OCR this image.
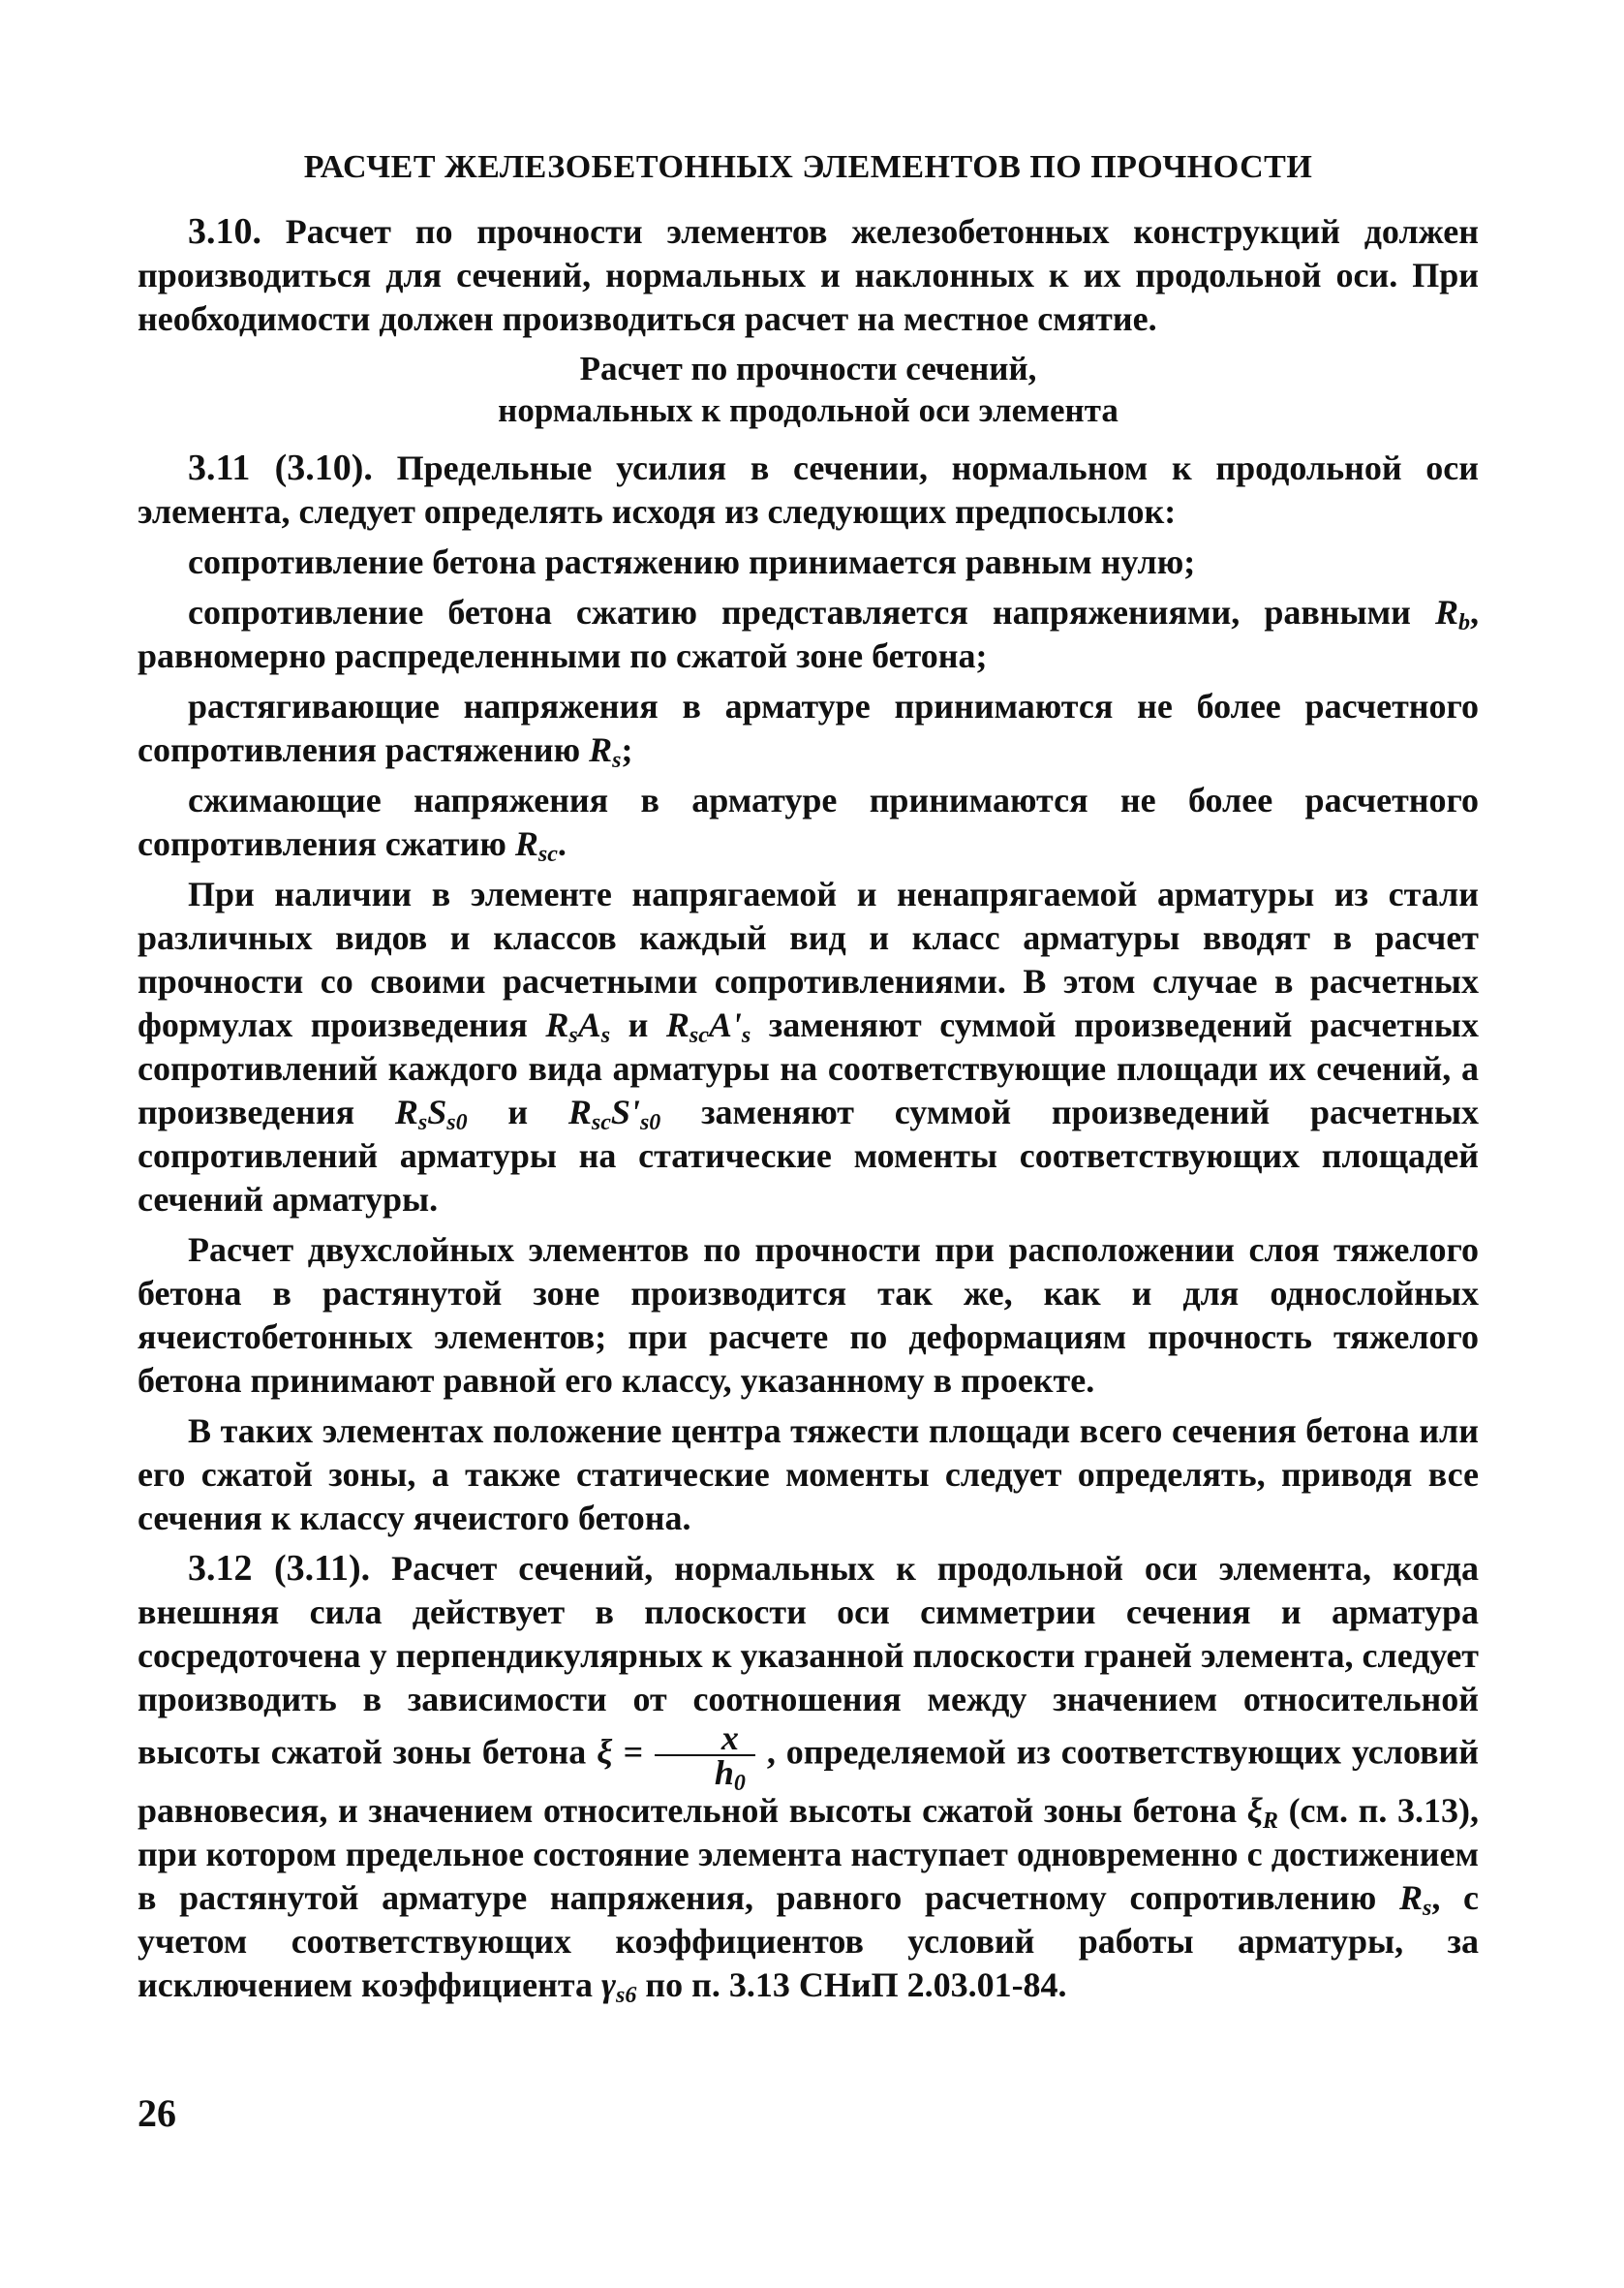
РАСЧЕТ ЖЕЛЕЗОБЕТОННЫХ ЭЛЕМЕНТОВ ПО ПРОЧНОСТИ

3.10. Расчет по прочности элементов железобетонных конструкций должен производиться для сечений, нормальных и наклонных к их продольной оси. При необходимости должен производиться расчет на местное смятие.

Расчет по прочности сечений,
нормальных к продольной оси элемента

3.11 (3.10). Предельные усилия в сечении, нормальном к продольной оси элемента, следует определять исходя из следующих предпосылок:

сопротивление бетона растяжению принимается равным нулю;

сопротивление бетона сжатию представляется напряжениями, равными $R_b$, равномерно распределенными по сжатой зоне бетона;

растягивающие напряжения в арматуре принимаются не более расчетного сопротивления растяжению $R_s$;

сжимающие напряжения в арматуре принимаются не более расчетного сопротивления сжатию $R_{sc}$.

При наличии в элементе напрягаемой и ненапрягаемой арматуры из стали различных видов и классов каждый вид и класс арматуры вводят в расчет прочности со своими расчетными сопротивлениями. В этом случае в расчетных формулах произведения $R_sA_s$ и $R_{sc}A'_s$ заменяют суммой произведений расчетных сопротивлений каждого вида арматуры на соответствующие площади их сечений, а произведения $R_sS_{s0}$ и $R_{sc}S'_{s0}$ заменяют суммой произведений расчетных сопротивлений арматуры на статические моменты соответствующих площадей сечений арматуры.

Расчет двухслойных элементов по прочности при расположении слоя тяжелого бетона в растянутой зоне производится так же, как и для однослойных ячеистобетонных элементов; при расчете по деформациям прочность тяжелого бетона принимают равной его классу, указанному в проекте.

В таких элементах положение центра тяжести площади всего сечения бетона или его сжатой зоны, а также статические моменты следует определять, приводя все сечения к классу ячеистого бетона.

3.12 (3.11). Расчет сечений, нормальных к продольной оси элемента, когда внешняя сила действует в плоскости оси симметрии сечения и арматура сосредоточена у перпендикулярных к указанной плоскости граней элемента, следует производить в зависимости от соотношения между значением относительной высоты сжатой зоны бетона $\xi = \frac{x}{h_0}$ , определяемой из соответствующих условий равновесия, и значением относительной высоты сжатой зоны бетона $\xi_R$ (см. п. 3.13), при котором предельное состояние элемента наступает одновременно с достижением в растянутой арматуре напряжения, равного расчетному сопротивлению $R_s$, с учетом соответствующих коэффициентов условий работы арматуры, за исключением коэффициента $\gamma_{s6}$ по п. 3.13 СНиП 2.03.01-84.

26
